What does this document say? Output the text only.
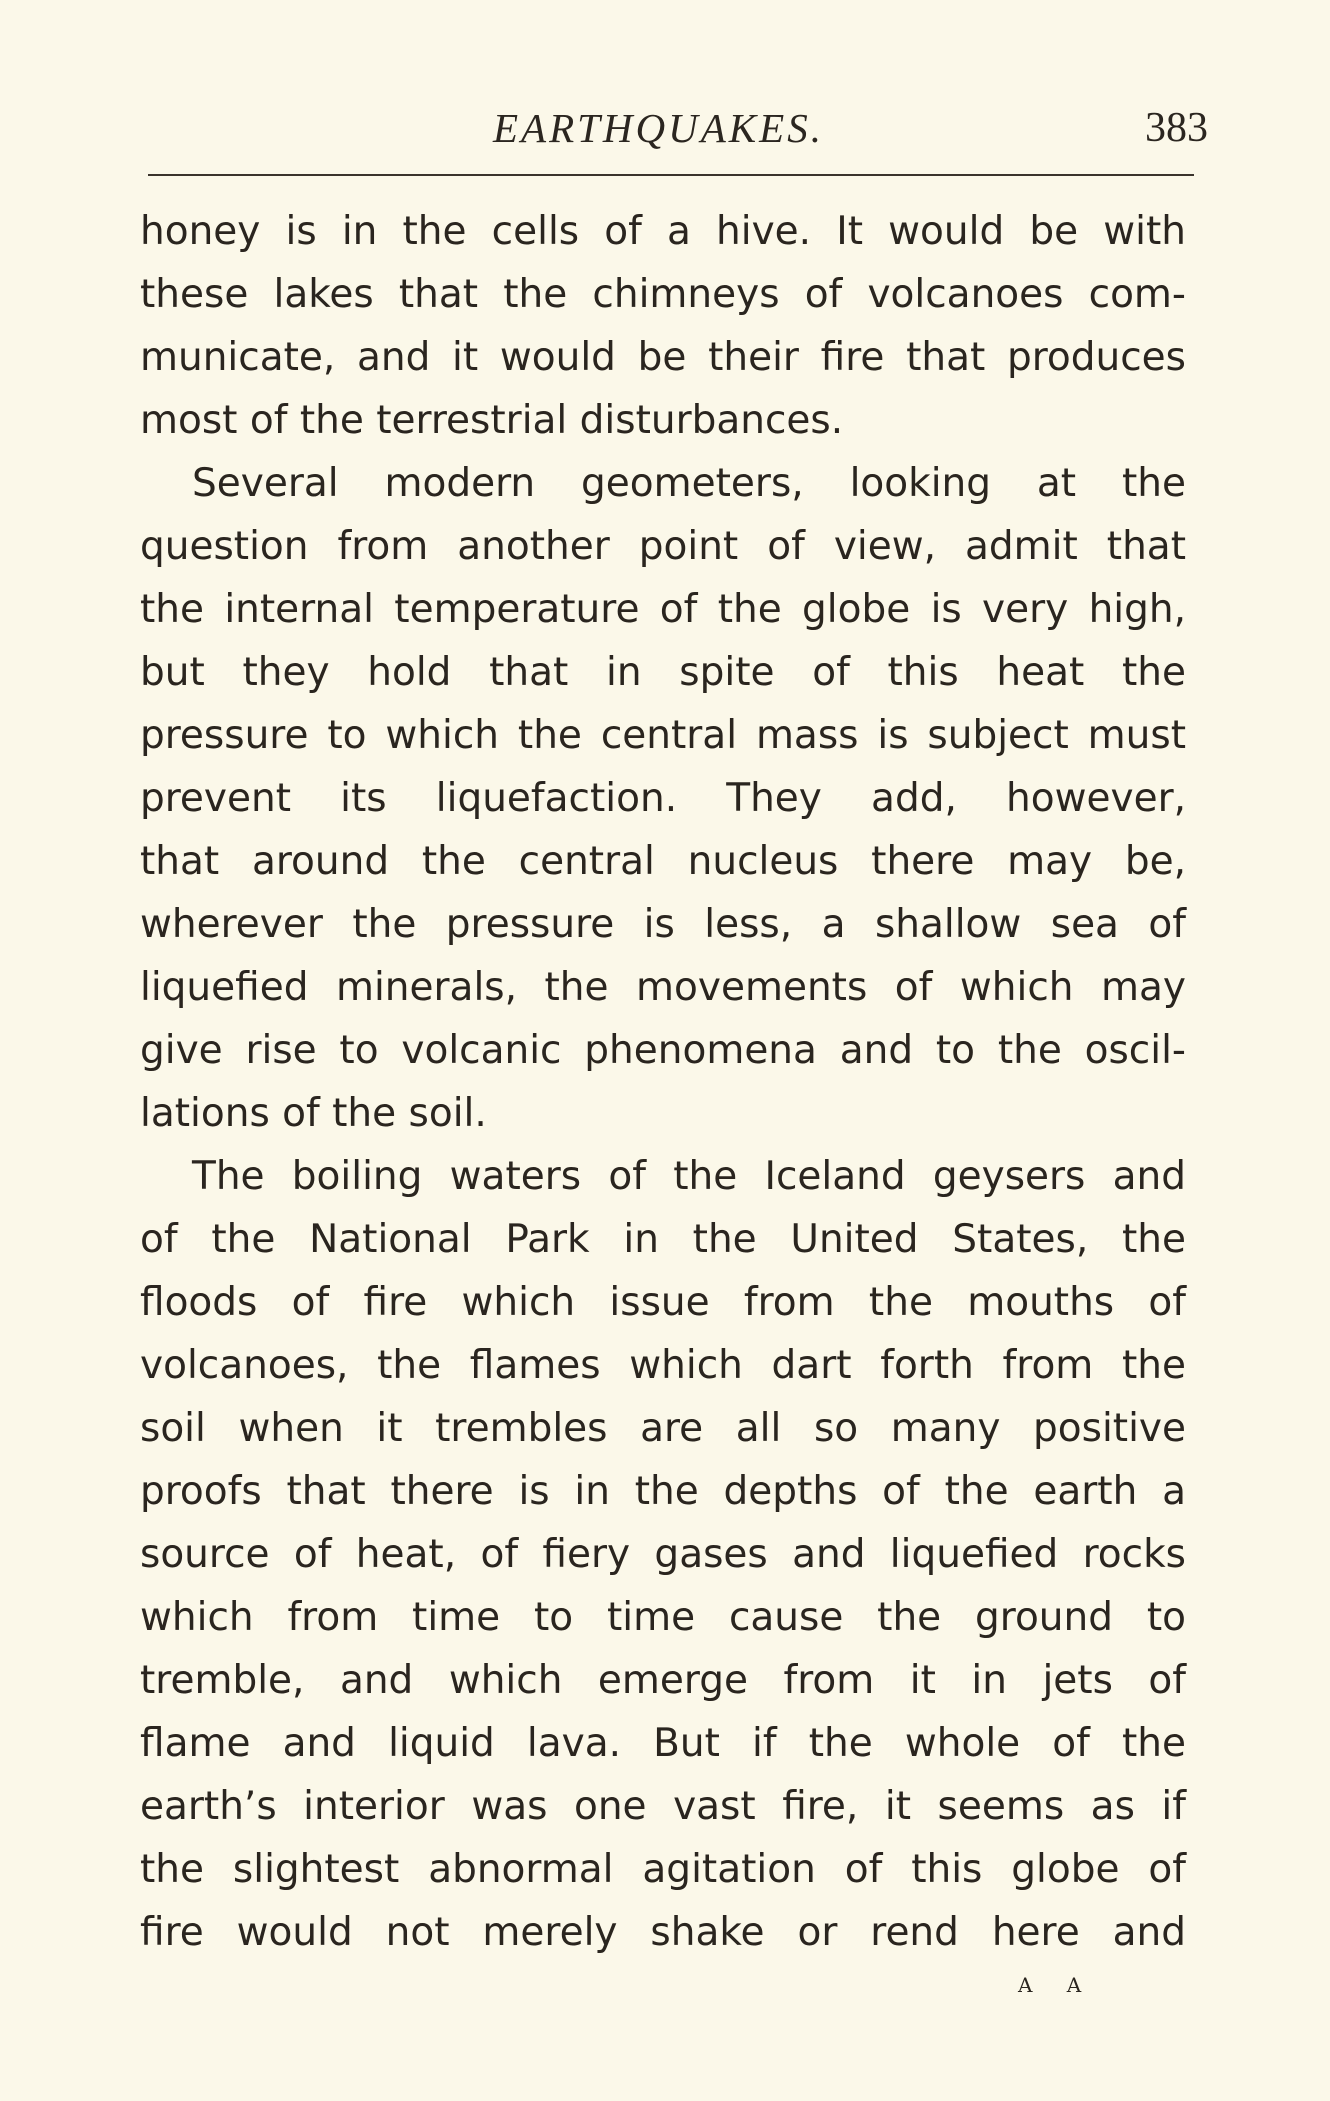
EARTHQUAKES.	383
honey is in the cells of a hive. It would be with
these lakes that the chimneys of volcanoes com-
municate, and it would be their fire that produces
most of the terrestrial disturbances.
Several modern geometers, looking at the
question from another point of view, admit that
the internal temperature of the globe is very high,
but they hold that in spite of this heat the
pressure to which the central mass is subject must
prevent its liquefaction. They add, however,
that around the central nucleus there may be,
wherever the pressure is less, a shallow sea of
liquefied minerals, the movements of which may
give rise to volcanic phenomena and to the oscil-
lations of the soil.
The boiling waters of the Iceland geysers and
of the National Park in the United States, the
floods of fire which issue from the mouths of
volcanoes, the flames which dart forth from the
soil when it trembles are all so many positive
proofs that there is in the depths of the earth a
source of heat, of fiery gases and liquefied rocks
which from time to time cause the ground to
tremble, and which emerge from it in jets of
flame and liquid lava. But if the whole of the
earth’s interior was one vast fire, it seems as if
the slightest abnormal agitation of this globe of
fire would not merely shake or rend here and
A A
